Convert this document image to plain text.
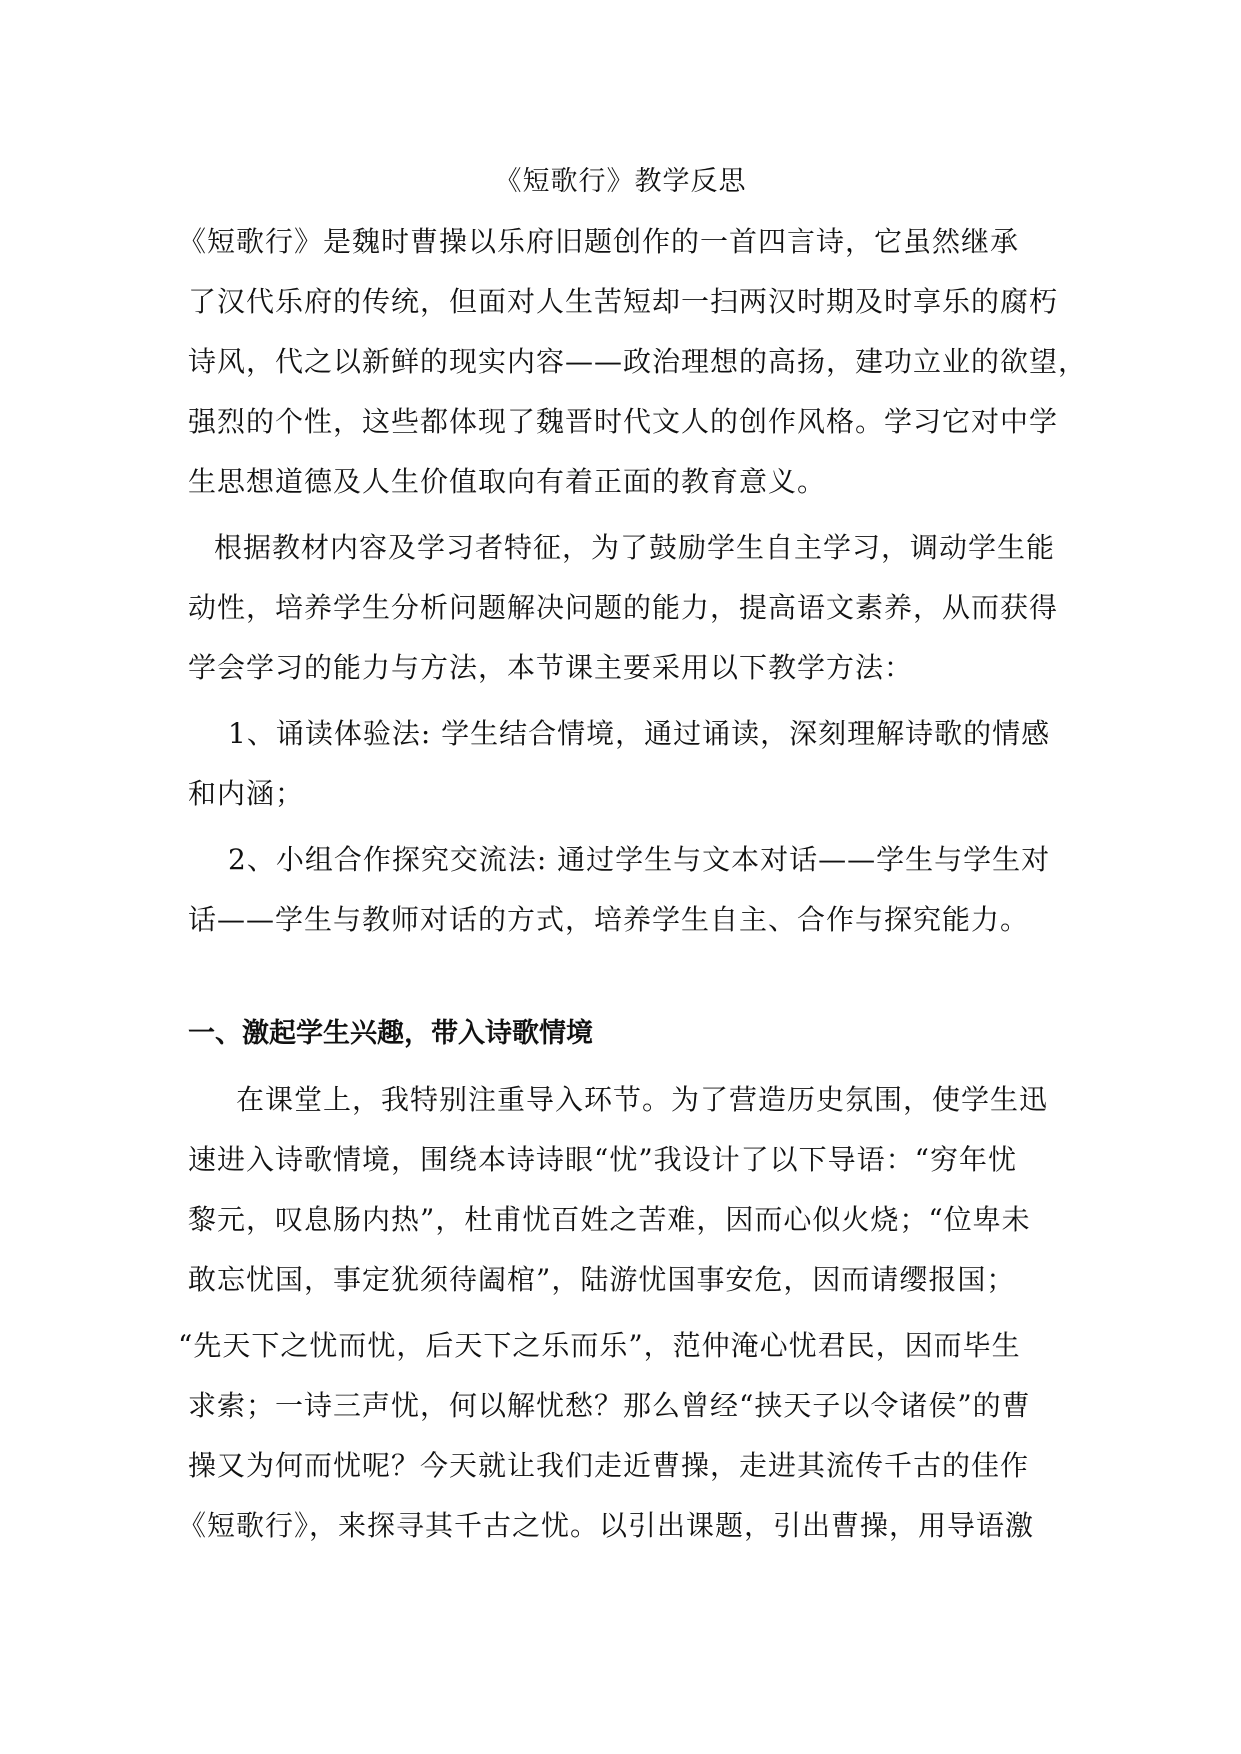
《短歌行》教学反思
《短歌行》是魏时曹操以乐府旧题创作的一首四言诗，它虽然继承
了汉代乐府的传统，但面对人生苦短却一扫两汉时期及时享乐的腐朽
诗风，代之以新鲜的现实内容——政治理想的高扬，建功立业的欲望，
强烈的个性，这些都体现了魏晋时代文人的创作风格。学习它对中学
生思想道德及人生价值取向有着正面的教育意义。
根据教材内容及学习者特征，为了鼓励学生自主学习，调动学生能
动性，培养学生分析问题解决问题的能力，提高语文素养，从而获得
学会学习的能力与方法，本节课主要采用以下教学方法：
1、诵读体验法: 学生结合情境，通过诵读，深刻理解诗歌的情感
和内涵；
2、小组合作探究交流法: 通过学生与文本对话——学生与学生对
话——学生与教师对话的方式，培养学生自主、合作与探究能力。
一、激起学生兴趣，带入诗歌情境
在课堂上，我特别注重导入环节。为了营造历史氛围，使学生迅
速进入诗歌情境，围绕本诗诗眼“忧”我设计了以下导语：“穷年忧
黎元，叹息肠内热”，杜甫忧百姓之苦难，因而心似火烧；“位卑未
敢忘忧国，事定犹须待阖棺”，陆游忧国事安危，因而请缨报国；
“先天下之忧而忧，后天下之乐而乐”，范仲淹心忧君民，因而毕生
求索；一诗三声忧，何以解忧愁？那么曾经“挟天子以令诸侯”的曹
操又为何而忧呢？今天就让我们走近曹操，走进其流传千古的佳作
《短歌行》，来探寻其千古之忧。以引出课题，引出曹操，用导语激
